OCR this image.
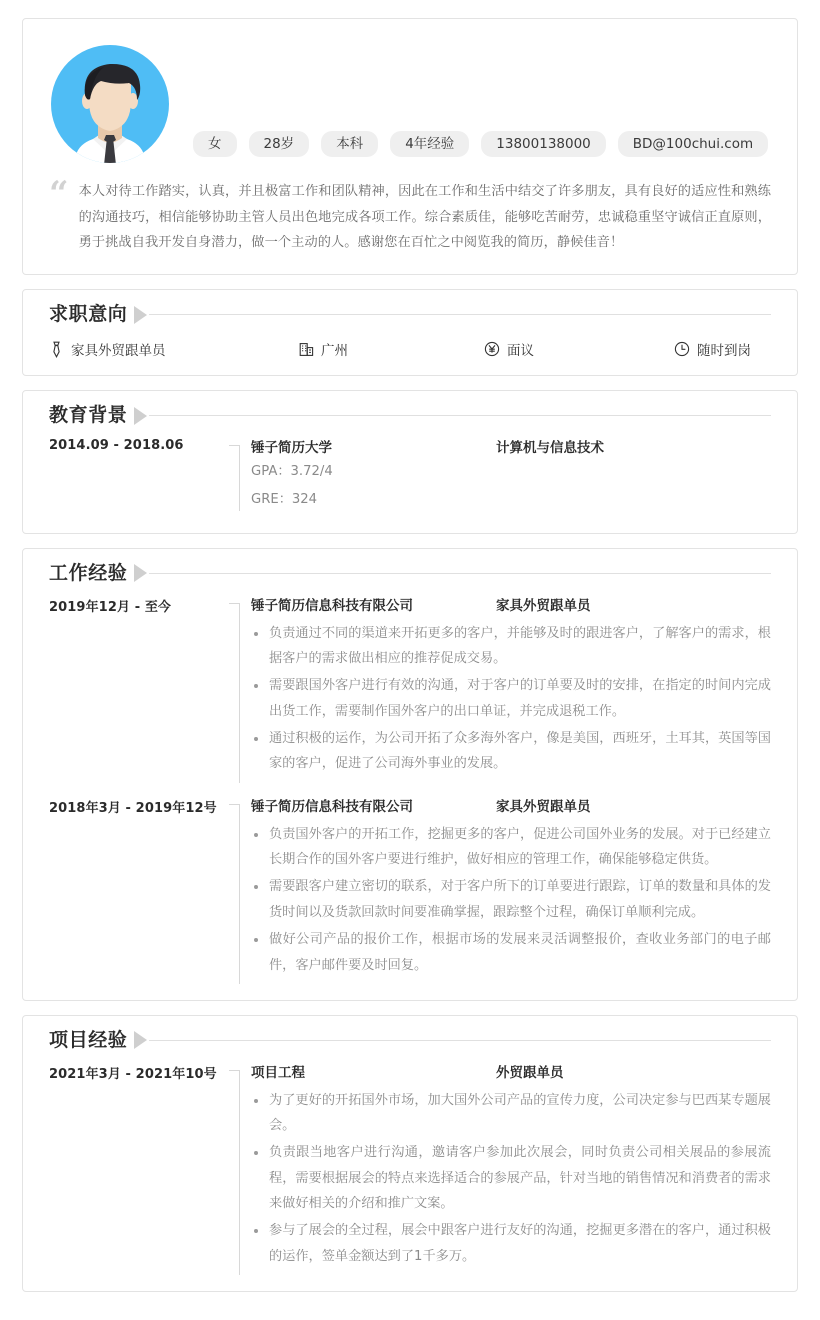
女	28岁	本科	4年经验	13800138000	BD@100chui.com
“ 本人对待工作踏实，认真，并且极富工作和团队精神，因此在工作和生活中结交了许多朋友，具有良好的适应性和熟练的沟通技巧，相信能够协助主管人员出色地完成各项工作。综合素质佳，能够吃苦耐劳，忠诚稳重坚守诚信正直原则，勇于挑战自我开发自身潜力，做一个主动的人。感谢您在百忙之中阅览我的简历，静候佳音！
求职意向
家具外贸跟单员	广州	面议	随时到岗
教育背景
2014.09 - 2018.06	锤子简历大学	计算机与信息技术
GPA：3.72/4
GRE：324
工作经验
2019年12月 - 至今	锤子简历信息科技有限公司	家具外贸跟单员
负责通过不同的渠道来开拓更多的客户，并能够及时的跟进客户，了解客户的需求，根据客户的需求做出相应的推荐促成交易。
需要跟国外客户进行有效的沟通，对于客户的订单要及时的安排，在指定的时间内完成出货工作，需要制作国外客户的出口单证，并完成退税工作。
通过积极的运作，为公司开拓了众多海外客户，像是美国，西班牙，土耳其，英国等国家的客户，促进了公司海外事业的发展。
2018年3月 - 2019年12号	锤子简历信息科技有限公司	家具外贸跟单员
负责国外客户的开拓工作，挖掘更多的客户，促进公司国外业务的发展。对于已经建立长期合作的国外客户要进行维护，做好相应的管理工作，确保能够稳定供货。
需要跟客户建立密切的联系，对于客户所下的订单要进行跟踪，订单的数量和具体的发货时间以及货款回款时间要准确掌握，跟踪整个过程，确保订单顺利完成。
做好公司产品的报价工作，根据市场的发展来灵活调整报价，查收业务部门的电子邮件，客户邮件要及时回复。
项目经验
2021年3月 - 2021年10号	项目工程	外贸跟单员
为了更好的开拓国外市场，加大国外公司产品的宣传力度，公司决定参与巴西某专题展会。
负责跟当地客户进行沟通，邀请客户参加此次展会，同时负责公司相关展品的参展流程，需要根据展会的特点来选择适合的参展产品，针对当地的销售情况和消费者的需求来做好相关的介绍和推广文案。
参与了展会的全过程，展会中跟客户进行友好的沟通，挖掘更多潜在的客户，通过积极的运作，签单金额达到了1千多万。
